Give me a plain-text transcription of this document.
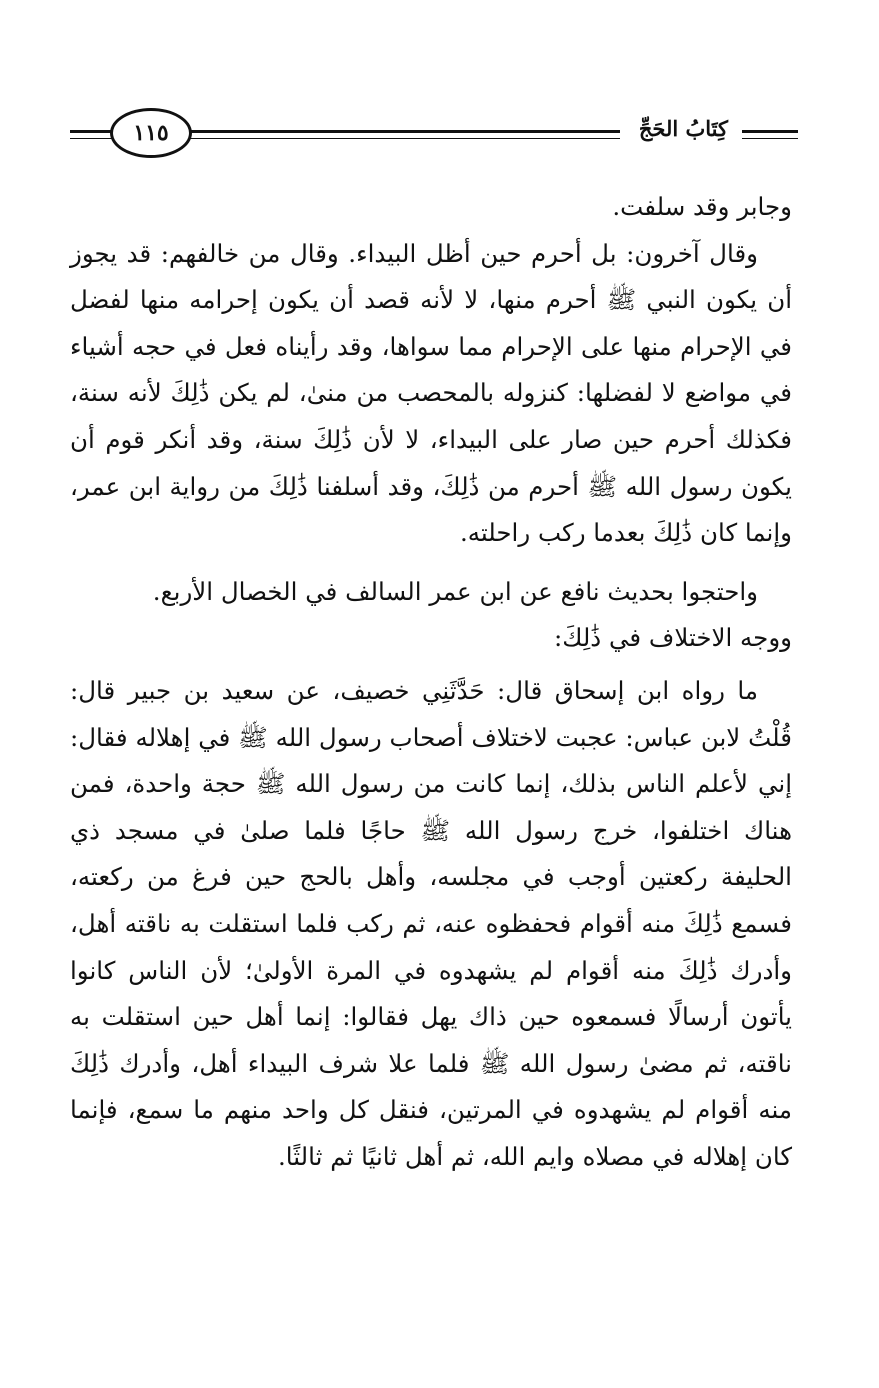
١١٥	كِتَابُ الحَجِّ

وجابر وقد سلفت.

وقال آخرون: بل أحرم حين أظل البيداء. وقال من خالفهم: قد يجوز أن يكون النبي ﷺ أحرم منها، لا لأنه قصد أن يكون إحرامه منها لفضل في الإحرام منها على الإحرام مما سواها، وقد رأيناه فعل في حجه أشياء في مواضع لا لفضلها: كنزوله بالمحصب من منىٰ، لم يكن ذَٰلِكَ لأنه سنة، فكذلك أحرم حين صار على البيداء، لا لأن ذَٰلِكَ سنة، وقد أنكر قوم أن يكون رسول الله ﷺ أحرم من ذَٰلِكَ، وقد أسلفنا ذَٰلِكَ من رواية ابن عمر، وإنما كان ذَٰلِكَ بعدما ركب راحلته.

واحتجوا بحديث نافع عن ابن عمر السالف في الخصال الأربع.

ووجه الاختلاف في ذَٰلِكَ:

ما رواه ابن إسحاق قال: حَدَّثَنِي خصيف، عن سعيد بن جبير قال: قُلْتُ لابن عباس: عجبت لاختلاف أصحاب رسول الله ﷺ في إهلاله فقال: إني لأعلم الناس بذلك، إنما كانت من رسول الله ﷺ حجة واحدة، فمن هناك اختلفوا، خرج رسول الله ﷺ حاجًا فلما صلىٰ في مسجد ذي الحليفة ركعتين أوجب في مجلسه، وأهل بالحج حين فرغ من ركعته، فسمع ذَٰلِكَ منه أقوام فحفظوه عنه، ثم ركب فلما استقلت به ناقته أهل، وأدرك ذَٰلِكَ منه أقوام لم يشهدوه في المرة الأولىٰ؛ لأن الناس كانوا يأتون أرسالًا فسمعوه حين ذاك يهل فقالوا: إنما أهل حين استقلت به ناقته، ثم مضىٰ رسول الله ﷺ فلما علا شرف البيداء أهل، وأدرك ذَٰلِكَ منه أقوام لم يشهدوه في المرتين، فنقل كل واحد منهم ما سمع، فإنما كان إهلاله في مصلاه وايم الله، ثم أهل ثانيًا ثم ثالثًا.
